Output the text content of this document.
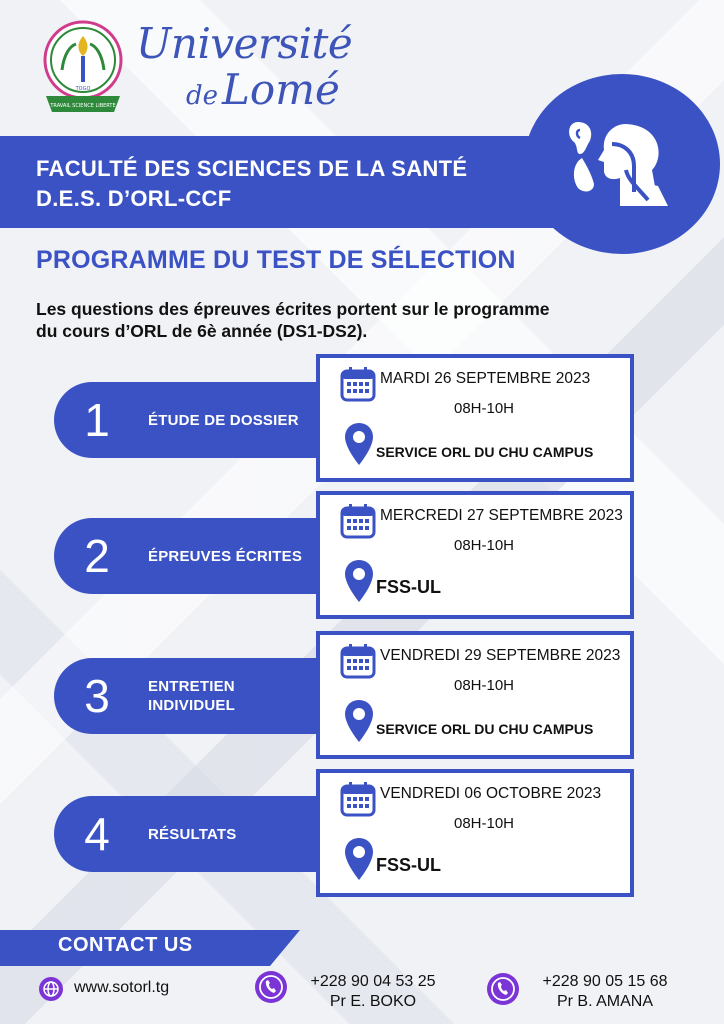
TRAVAIL SCIENCE LIBERTE
TOGO
Université
deLomé
FACULTÉ DES SCIENCES DE LA SANTÉ
D.E.S. D’ORL-CCF
PROGRAMME DU TEST DE SÉLECTION
Les questions des épreuves écrites portent sur le programme
du cours d’ORL de 6è année (DS1-DS2).
1	ÉTUDE DE DOSSIER
MARDI 26 SEPTEMBRE 2023
08H-10H
SERVICE ORL DU CHU CAMPUS
2	ÉPREUVES ÉCRITES
MERCREDI 27 SEPTEMBRE 2023
08H-10H
FSS-UL
3	ENTRETIEN
INDIVIDUEL
VENDREDI 29 SEPTEMBRE 2023
08H-10H
SERVICE ORL DU CHU CAMPUS
4	RÉSULTATS
VENDREDI 06 OCTOBRE 2023
08H-10H
FSS-UL
CONTACT US
www.sotorl.tg	+228 90 04 53 25
Pr E. BOKO
+228 90 05 15 68
Pr B. AMANA
